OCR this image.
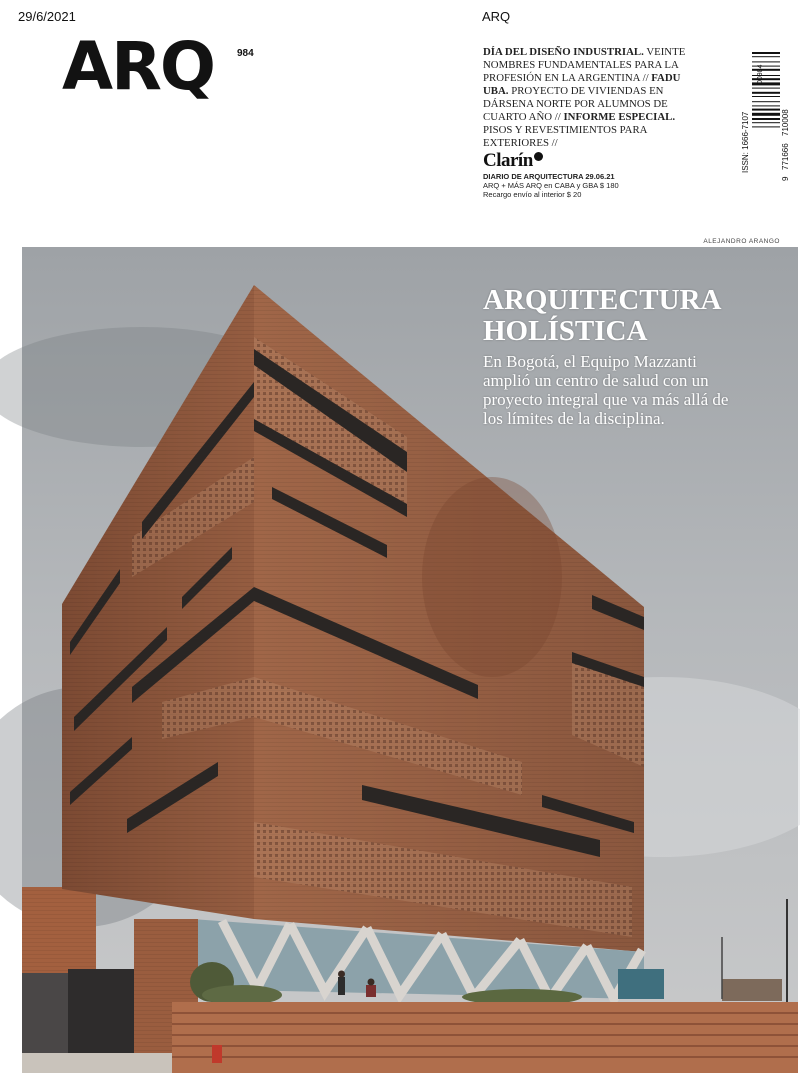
29/6/2021	ARQ
ARQ 984	DÍA DEL DISEÑO INDUSTRIAL. VEINTE NOMBRES FUNDAMENTALES PARA LA PROFESIÓN EN LA ARGENTINA // FADU UBA. PROYECTO DE VIVIENDAS EN DÁRSENA NORTE POR ALUMNOS DE CUARTO AÑO // INFORME ESPECIAL. PISOS Y REVESTIMIENTOS PARA EXTERIORES //
Clarín
DIARIO DE ARQUITECTURA 29.06.21
ARQ + MÁS ARQ en CABA y GBA $ 180
Recargo envío al interior $ 20
ISSN: 1666-7107
00984
9
771666
710008
ALEJANDRO ARANGO
ARQUITECTURA
HOLÍSTICA
En Bogotá, el Equipo Mazzanti amplió un centro de salud con un proyecto integral que va más allá de los límites de la disciplina.
